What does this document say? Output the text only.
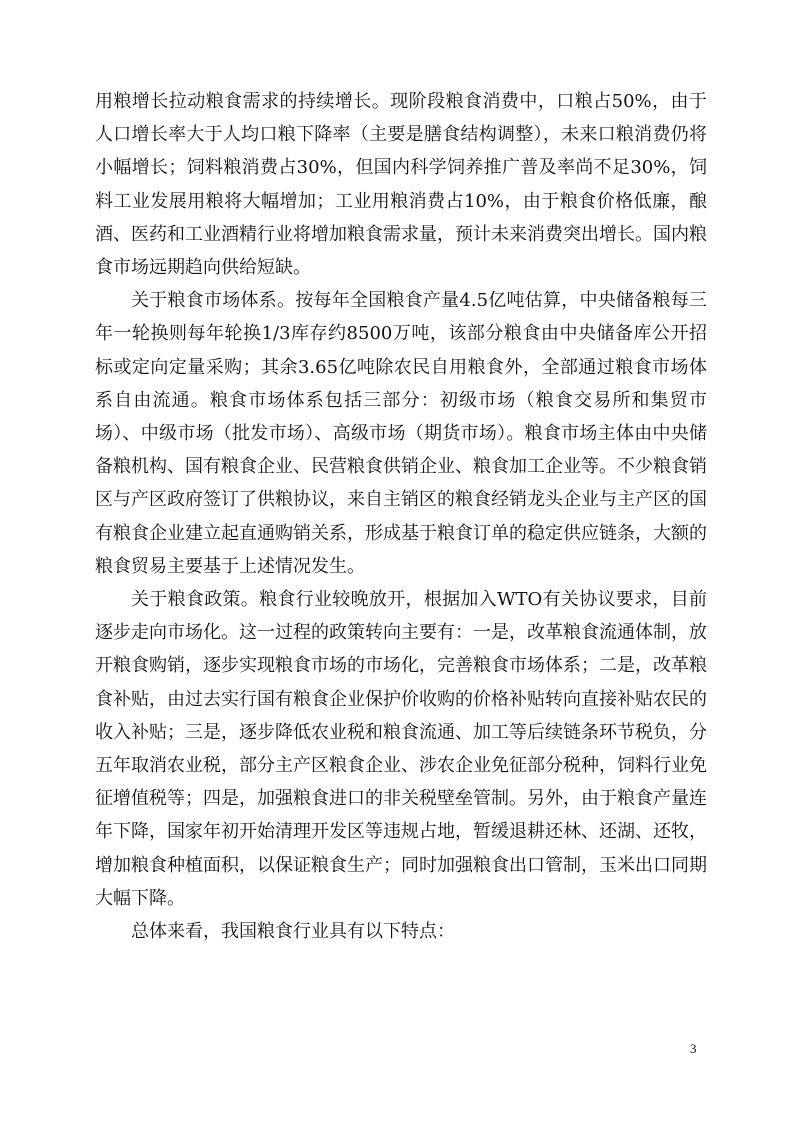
用粮增长拉动粮食需求的持续增长。现阶段粮食消费中，口粮占50%，由于人口增长率大于人均口粮下降率（主要是膳食结构调整），未来口粮消费仍将小幅增长；饲料粮消费占30%，但国内科学饲养推广普及率尚不足30%，饲料工业发展用粮将大幅增加；工业用粮消费占10%，由于粮食价格低廉，酿酒、医药和工业酒精行业将增加粮食需求量，预计未来消费突出增长。国内粮食市场远期趋向供给短缺。

关于粮食市场体系。按每年全国粮食产量4.5亿吨估算，中央储备粮每三年一轮换则每年轮换1/3库存约8500万吨，该部分粮食由中央储备库公开招标或定向定量采购；其余3.65亿吨除农民自用粮食外，全部通过粮食市场体系自由流通。粮食市场体系包括三部分：初级市场（粮食交易所和集贸市场）、中级市场（批发市场）、高级市场（期货市场）。粮食市场主体由中央储备粮机构、国有粮食企业、民营粮食供销企业、粮食加工企业等。不少粮食销区与产区政府签订了供粮协议，来自主销区的粮食经销龙头企业与主产区的国有粮食企业建立起直通购销关系，形成基于粮食订单的稳定供应链条，大额的粮食贸易主要基于上述情况发生。

关于粮食政策。粮食行业较晚放开，根据加入WTO有关协议要求，目前逐步走向市场化。这一过程的政策转向主要有：一是，改革粮食流通体制，放开粮食购销，逐步实现粮食市场的市场化，完善粮食市场体系；二是，改革粮食补贴，由过去实行国有粮食企业保护价收购的价格补贴转向直接补贴农民的收入补贴；三是，逐步降低农业税和粮食流通、加工等后续链条环节税负，分五年取消农业税，部分主产区粮食企业、涉农企业免征部分税种，饲料行业免征增值税等；四是，加强粮食进口的非关税壁垒管制。另外，由于粮食产量连年下降，国家年初开始清理开发区等违规占地，暂缓退耕还林、还湖、还牧，增加粮食种植面积，以保证粮食生产；同时加强粮食出口管制，玉米出口同期大幅下降。

总体来看，我国粮食行业具有以下特点：

3
